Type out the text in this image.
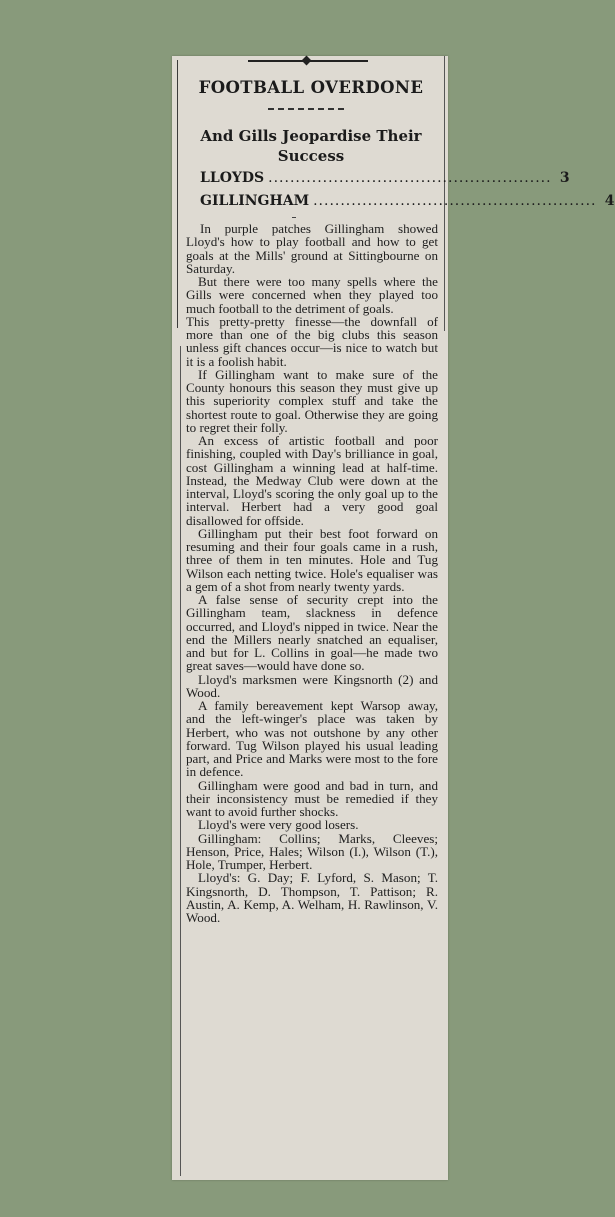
FOOTBALL OVERDONE
And Gills Jeopardise Their Success
LLOYDS .................................................... 3
GILLINGHAM .................................................... 4

In purple patches Gillingham showed Lloyd's how to play football and how to get goals at the Mills' ground at Sittingbourne on Saturday.

But there were too many spells where the Gills were concerned when they played too much football to the detriment of goals.

This pretty-pretty finesse—the downfall of more than one of the big clubs this season unless gift chances occur—is nice to watch but it is a foolish habit.

If Gillingham want to make sure of the County honours this season they must give up this superiority complex stuff and take the shortest route to goal. Otherwise they are going to regret their folly.

An excess of artistic football and poor finishing, coupled with Day's brilliance in goal, cost Gillingham a winning lead at half-time. Instead, the Medway Club were down at the interval, Lloyd's scoring the only goal up to the interval. Herbert had a very good goal disallowed for offside.

Gillingham put their best foot forward on resuming and their four goals came in a rush, three of them in ten minutes. Hole and Tug Wilson each netting twice. Hole's equaliser was a gem of a shot from nearly twenty yards.

A false sense of security crept into the Gillingham team, slackness in defence occurred, and Lloyd's nipped in twice. Near the end the Millers nearly snatched an equaliser, and but for L. Collins in goal—he made two great saves—would have done so.

Lloyd's marksmen were Kingsnorth (2) and Wood.

A family bereavement kept Warsop away, and the left-winger's place was taken by Herbert, who was not outshone by any other forward. Tug Wilson played his usual leading part, and Price and Marks were most to the fore in defence.

Gillingham were good and bad in turn, and their inconsistency must be remedied if they want to avoid further shocks.

Lloyd's were very good losers.

Gillingham: Collins; Marks, Cleeves; Henson, Price, Hales; Wilson (I.), Wilson (T.), Hole, Trumper, Herbert.

Lloyd's: G. Day; F. Lyford, S. Mason; T. Kingsnorth, D. Thompson, T. Pattison; R. Austin, A. Kemp, A. Welham, H. Rawlinson, V. Wood.
